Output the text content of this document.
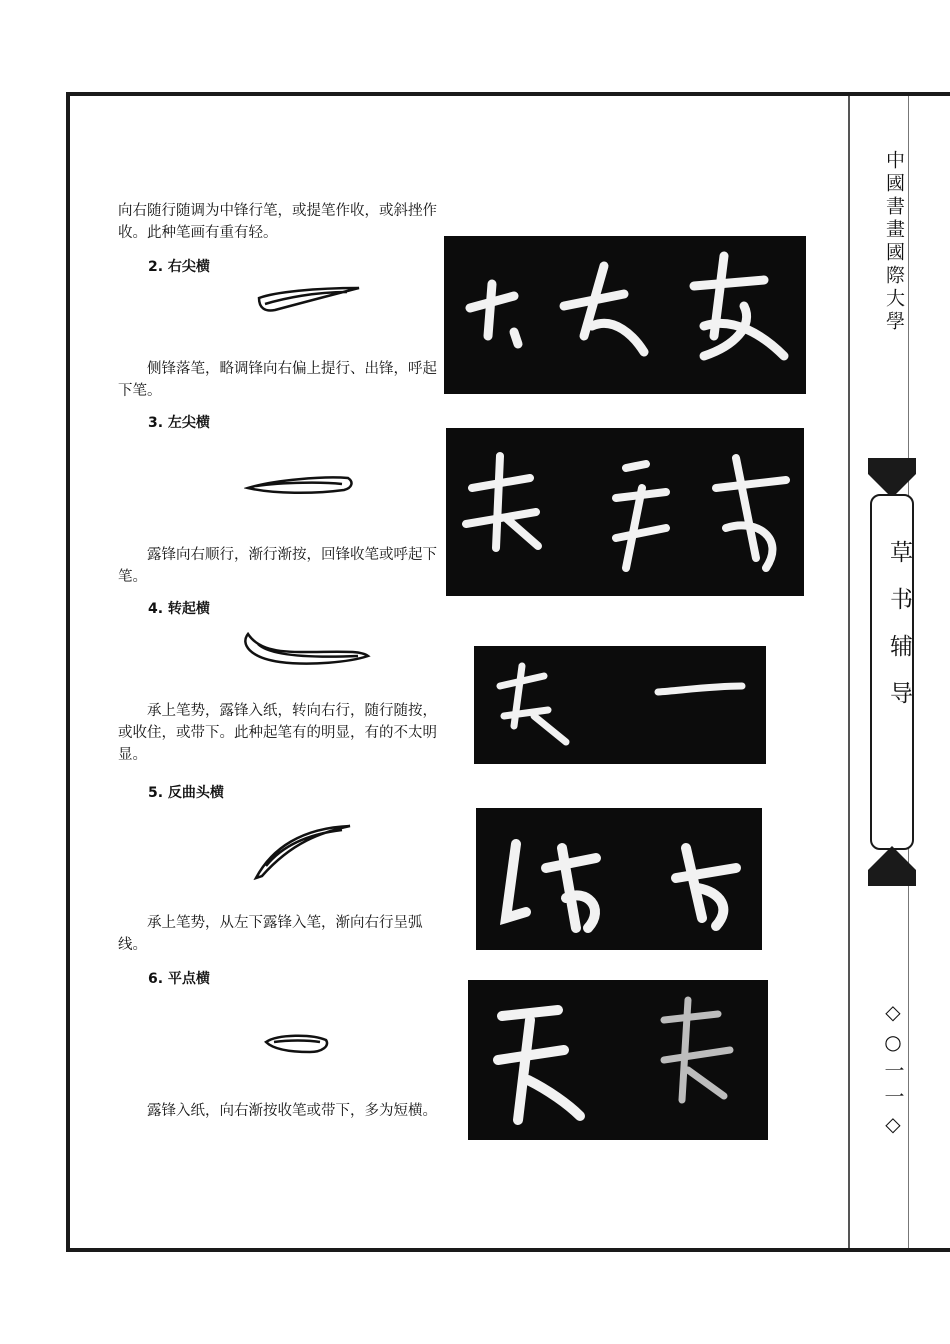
中國書畫國際大學
草书辅导
◇○一一◇
向右随行随调为中锋行笔，或提笔作收，或斜挫作收。此种笔画有重有轻。
2. 右尖横
侧锋落笔，略调锋向右偏上提行、出锋，呼起下笔。
3. 左尖横
露锋向右顺行，渐行渐按，回锋收笔或呼起下笔。
4. 转起横
承上笔势，露锋入纸，转向右行，随行随按，或收住，或带下。此种起笔有的明显，有的不太明显。
5. 反曲头横
承上笔势，从左下露锋入笔，渐向右行呈弧线。
6. 平点横
露锋入纸，向右渐按收笔或带下，多为短横。
